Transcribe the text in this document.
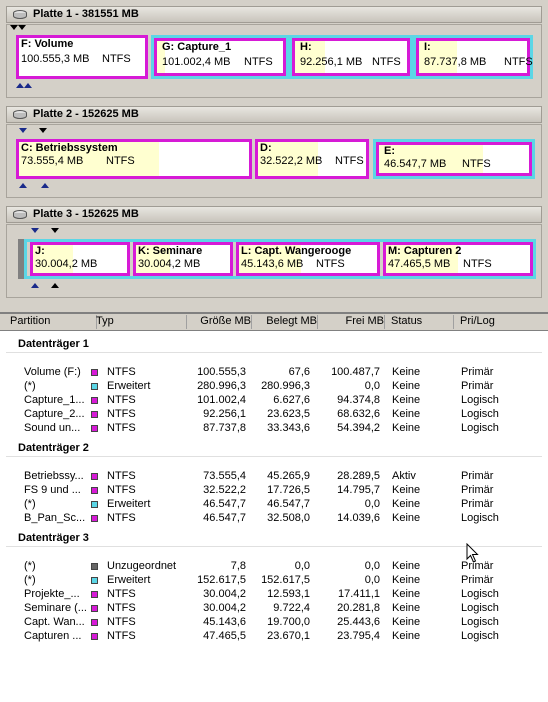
Platte 1 - 381551 MB
F: Volume
100.555,3 MB NTFS
G: Capture_1
101.002,4 MB NTFS
H:
92.256,1 MB NTFS
I:
87.737,8 MB NTFS
Platte 2 - 152625 MB
C: Betriebssystem
73.555,4 MB NTFS
D:
32.522,2 MB NTFS
E:
46.547,7 MB NTFS
Platte 3 - 152625 MB
J:
30.004,2 MB
K: Seminare
30.004,2 MB
L: Capt. Wangerooge
45.143,6 MB NTFS
M: Capturen 2
47.465,5 MB NTFS
Partition	Typ	Größe MB	Belegt MB	Frei MB Status	Pri/Log
Datenträger 1
Volume (F:) NTFS	100.555,3	67,6	100.487,7 Keine	Primär
(*)	Erweitert	280.996,3	280.996,3	0,0 Keine	Primär
Capture_1... NTFS	101.002,4	6.627,6	94.374,8 Keine	Logisch
Capture_2... NTFS	92.256,1	23.623,5	68.632,6 Keine	Logisch
Sound un... NTFS	87.737,8	33.343,6	54.394,2 Keine	Logisch
Datenträger 2
Betriebssy... NTFS	73.555,4	45.265,9	28.289,5 Aktiv	Primär
FS 9 und ... NTFS	32.522,2	17.726,5	14.795,7 Keine	Primär
(*)	Erweitert	46.547,7	46.547,7	0,0 Keine	Primär
B_Pan_Sc... NTFS	46.547,7	32.508,0	14.039,6 Keine	Logisch
Datenträger 3
(*)	Unzugeordnet	7,8	0,0	0,0 Keine	Primär
(*)	Erweitert	152.617,5	152.617,5	0,0 Keine	Primär
Projekte_... NTFS	30.004,2	12.593,1	17.411,1 Keine	Logisch
Seminare (... NTFS	30.004,2	9.722,4	20.281,8 Keine	Logisch
Capt. Wan... NTFS	45.143,6	19.700,0	25.443,6 Keine	Logisch
Capturen ... NTFS	47.465,5	23.670,1	23.795,4 Keine	Logisch
